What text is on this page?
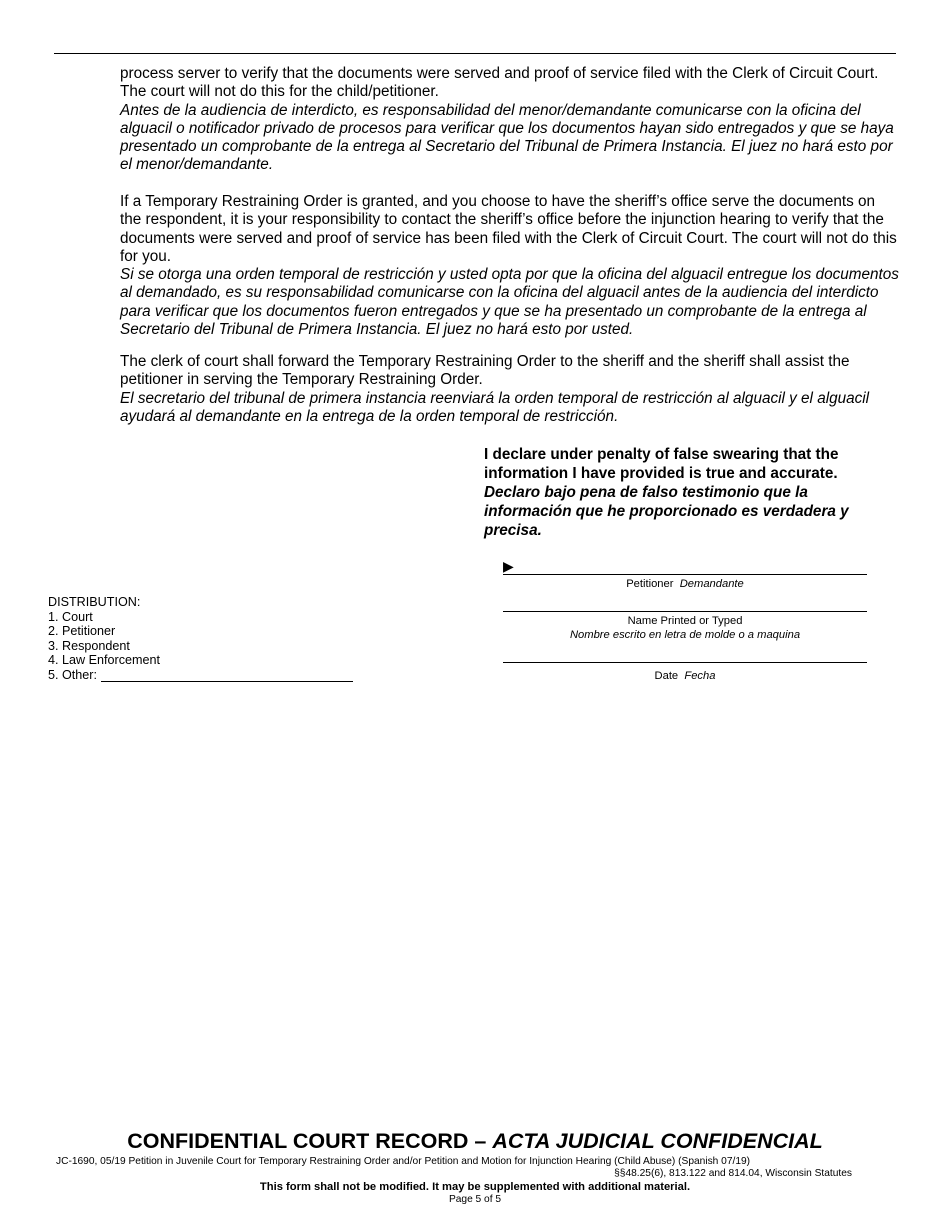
process server to verify that the documents were served and proof of service filed with the Clerk of Circuit Court. The court will not do this for the child/petitioner.

Antes de la audiencia de interdicto, es responsabilidad del menor/demandante comunicarse con la oficina del alguacil o notificador privado de procesos para verificar que los documentos hayan sido entregados y que se haya presentado un comprobante de la entrega al Secretario del Tribunal de Primera Instancia. El juez no hará esto por el menor/demandante.

If a Temporary Restraining Order is granted, and you choose to have the sheriff’s office serve the documents on the respondent, it is your responsibility to contact the sheriff’s office before the injunction hearing to verify that the documents were served and proof of service has been filed with the Clerk of Circuit Court. The court will not do this for you.

Si se otorga una orden temporal de restricción y usted opta por que la oficina del alguacil entregue los documentos al demandado, es su responsabilidad comunicarse con la oficina del alguacil antes de la audiencia del interdicto para verificar que los documentos fueron entregados y que se ha presentado un comprobante de la entrega al Secretario del Tribunal de Primera Instancia. El juez no hará esto por usted.

The clerk of court shall forward the Temporary Restraining Order to the sheriff and the sheriff shall assist the petitioner in serving the Temporary Restraining Order.

El secretario del tribunal de primera instancia reenviará la orden temporal de restricción al alguacil y el alguacil ayudará al demandante en la entrega de la orden temporal de restricción.

I declare under penalty of false swearing that the information I have provided is true and accurate.
Declaro bajo pena de falso testimonio que la información que he proporcionado es verdadera y precisa.
▶
Petitioner Demandante
Name Printed or Typed
Nombre escrito en letra de molde o a maquina
Date Fecha
DISTRIBUTION:
1. Court
2. Petitioner
3. Respondent
4. Law Enforcement
5. Other:
CONFIDENTIAL COURT RECORD – ACTA JUDICIAL CONFIDENCIAL
JC-1690, 05/19 Petition in Juvenile Court for Temporary Restraining Order and/or Petition and Motion for Injunction Hearing (Child Abuse) (Spanish 07/19)
§§48.25(6), 813.122 and 814.04, Wisconsin Statutes
This form shall not be modified. It may be supplemented with additional material.
Page 5 of 5
